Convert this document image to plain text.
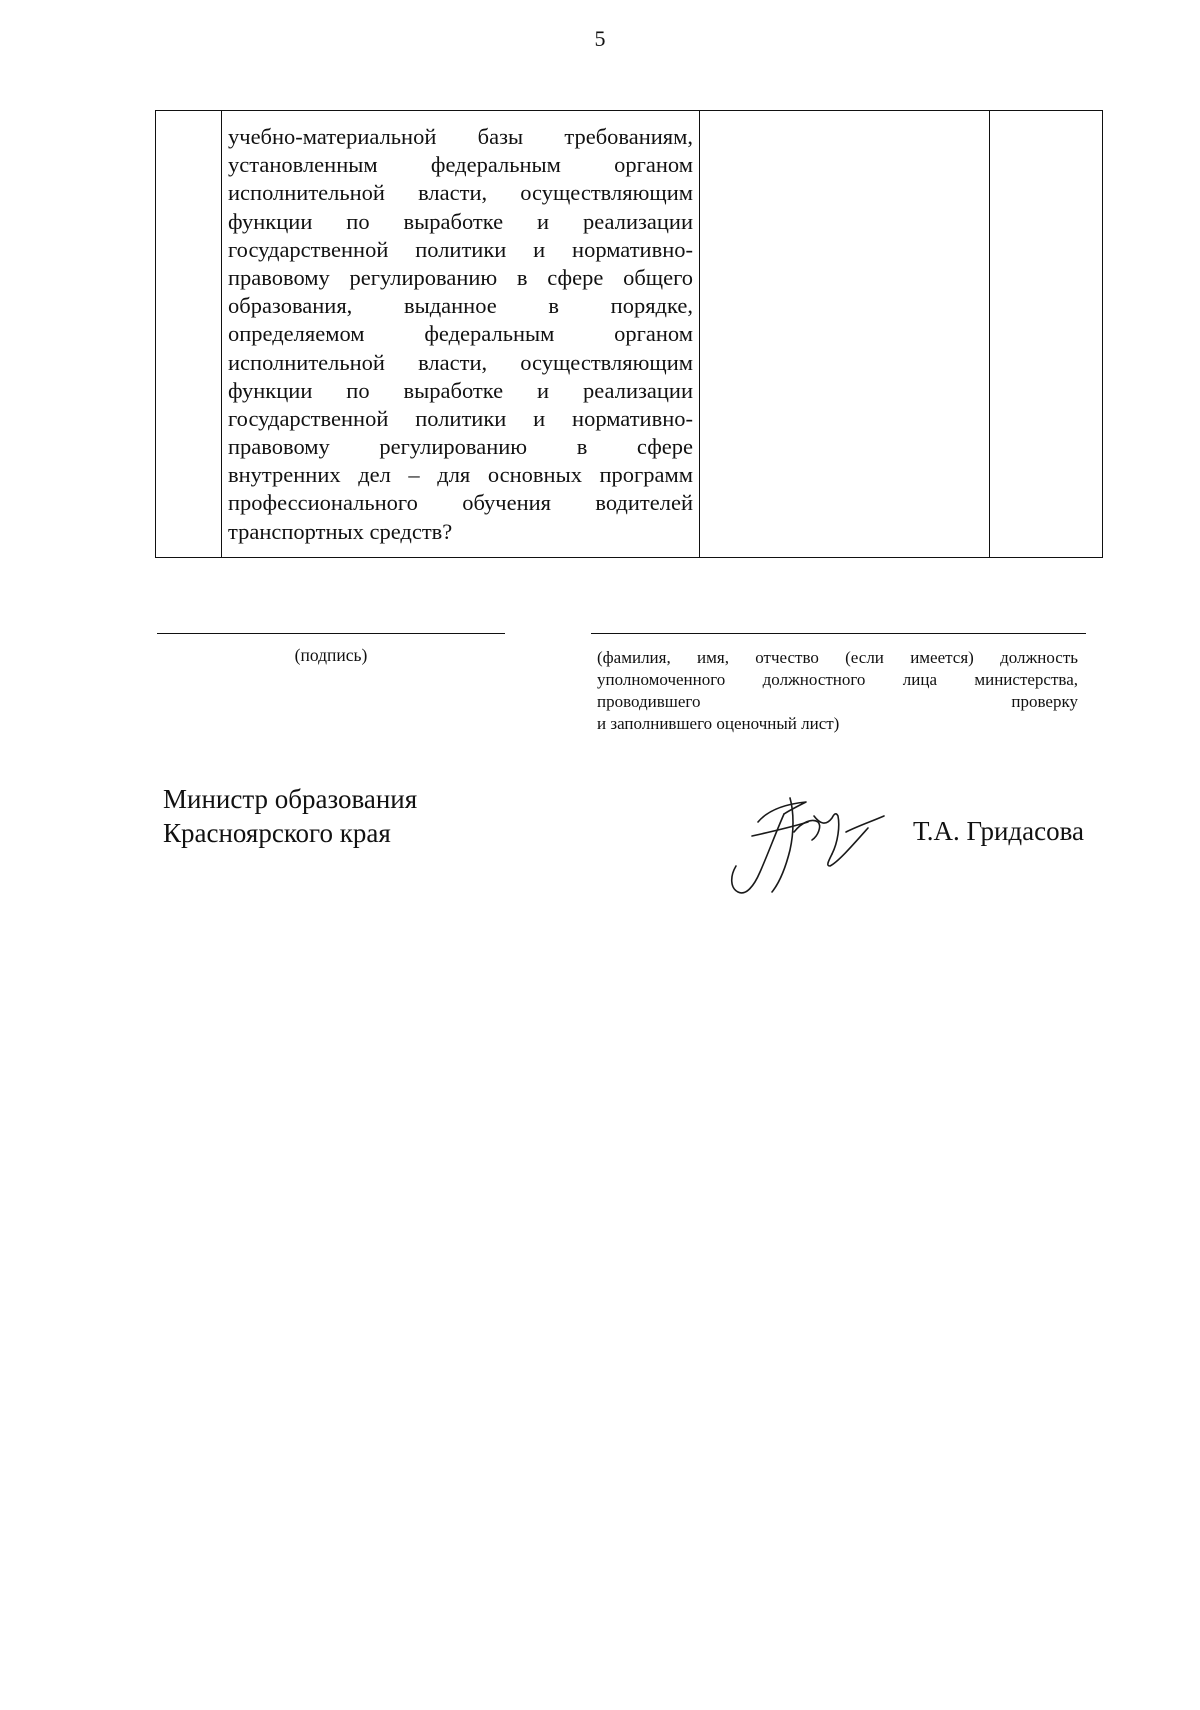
5
учебно-материальной базы требованиям,
установленным федеральным органом
исполнительной власти, осуществляющим
функции по выработке и реализации
государственной политики и нормативно-
правовому регулированию в сфере общего
образования, выданное в порядке,
определяемом федеральным органом
исполнительной власти, осуществляющим
функции по выработке и реализации
государственной политики и нормативно-
правовому регулированию в сфере
внутренних дел – для основных программ
профессионального обучения водителей
транспортных средств?
(подпись)	(фамилия, имя, отчество (если имеется) должность
уполномоченного должностного лица министерства,
проводившего проверку
и заполнившего оценочный лист)
Министр образования
Красноярского края	Т.А. Гридасова
